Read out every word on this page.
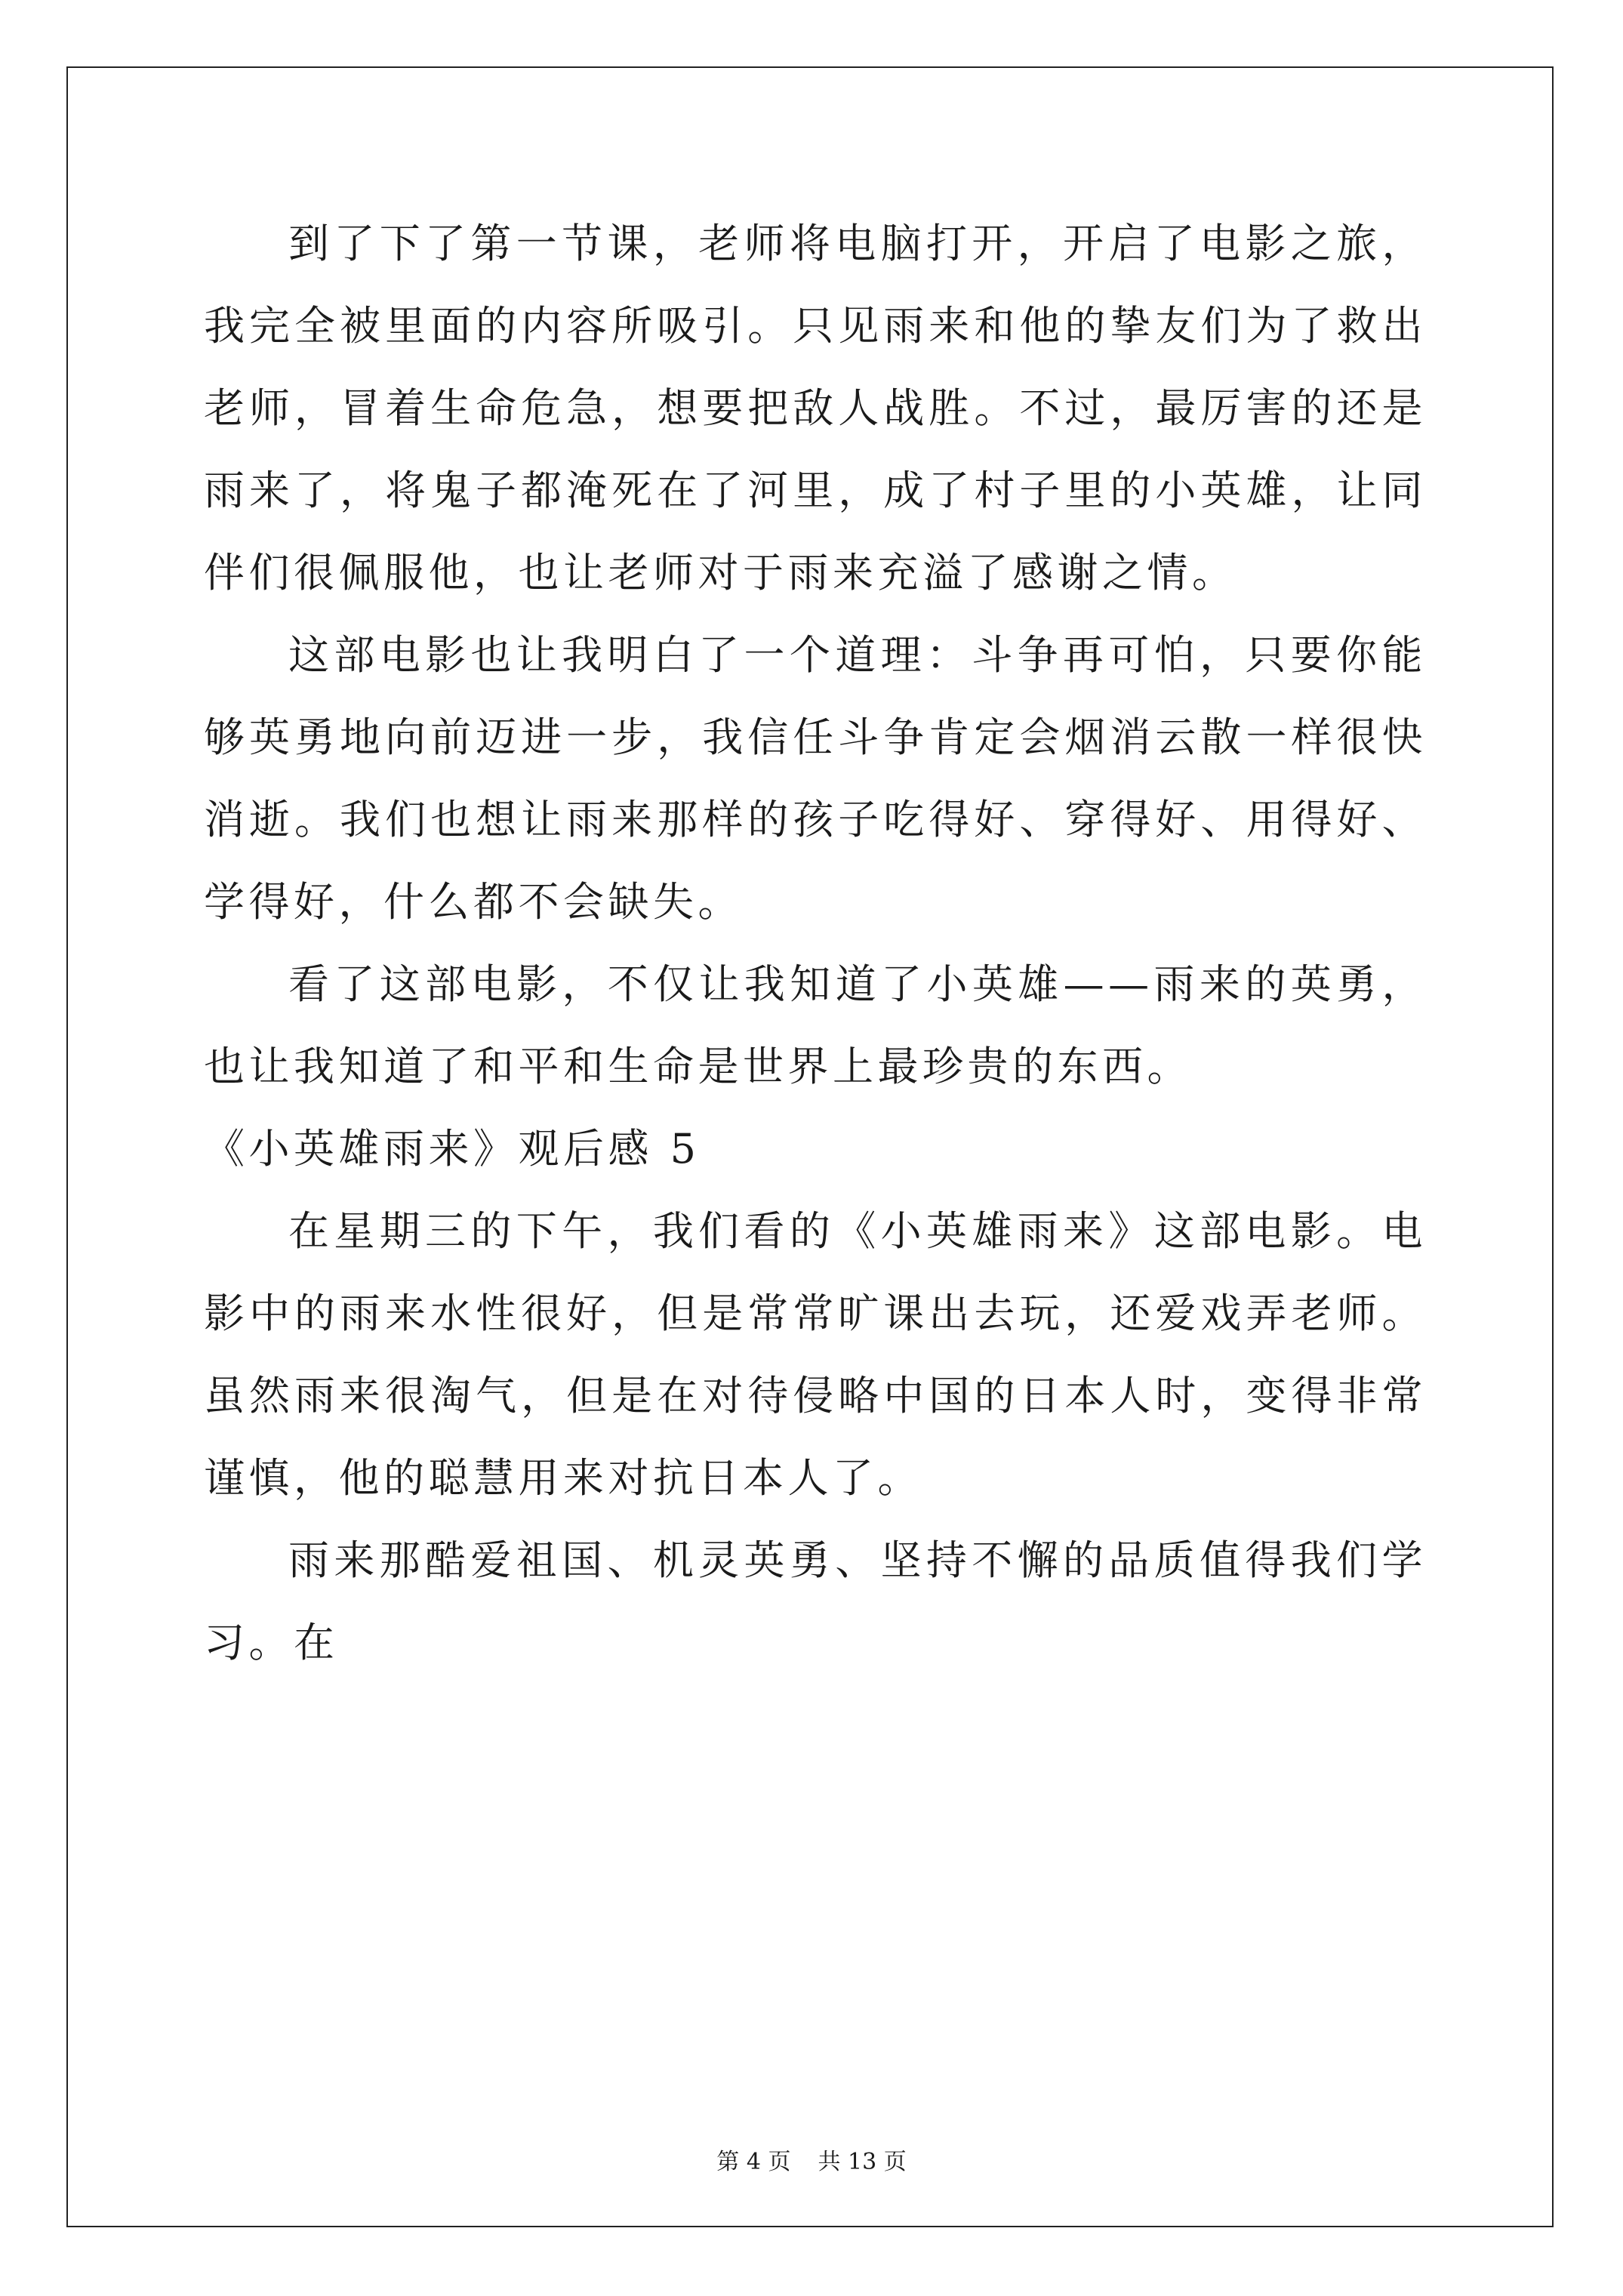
到了下了第一节课，老师将电脑打开，开启了电影之旅，我完全被里面的内容所吸引。只见雨来和他的挚友们为了救出老师，冒着生命危急，想要把敌人战胜。不过，最厉害的还是雨来了，将鬼子都淹死在了河里，成了村子里的小英雄，让同伴们很佩服他，也让老师对于雨来充溢了感谢之情。

这部电影也让我明白了一个道理：斗争再可怕，只要你能够英勇地向前迈进一步，我信任斗争肯定会烟消云散一样很快消逝。我们也想让雨来那样的孩子吃得好、穿得好、用得好、学得好，什么都不会缺失。

看了这部电影，不仅让我知道了小英雄——雨来的英勇，也让我知道了和平和生命是世界上最珍贵的东西。

《小英雄雨来》观后感 5

在星期三的下午，我们看的《小英雄雨来》这部电影。电影中的雨来水性很好，但是常常旷课出去玩，还爱戏弄老师。虽然雨来很淘气，但是在对待侵略中国的日本人时，变得非常谨慎，他的聪慧用来对抗日本人了。

雨来那酷爱祖国、机灵英勇、坚持不懈的品质值得我们学习。在

第 4 页 共 13 页
